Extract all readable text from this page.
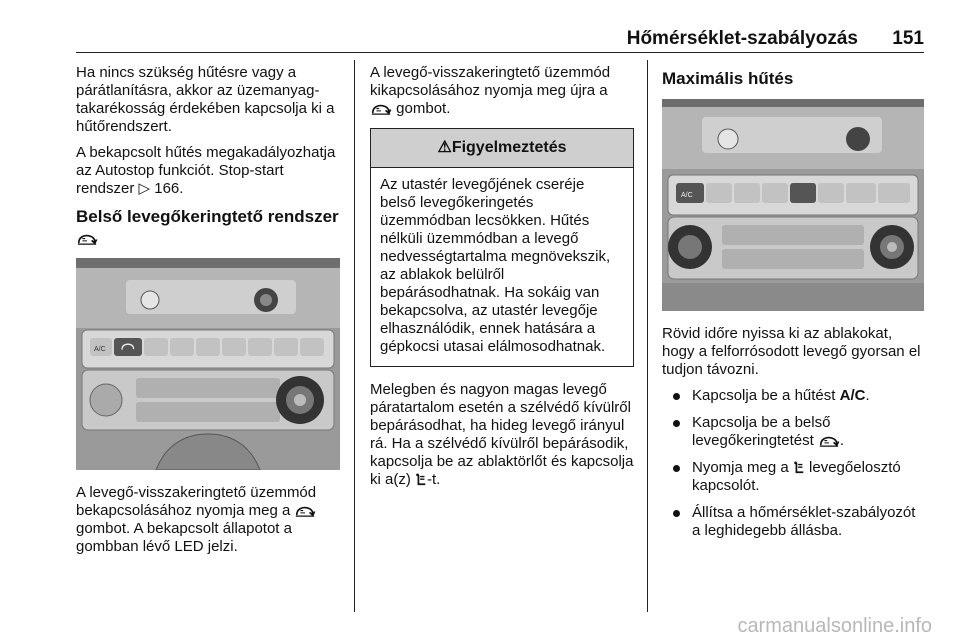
Hőmérséklet-szabályozás 151

Ha nincs szükség hűtésre vagy a párátlanításra, akkor az üzemanyag-takarékosság érdekében kapcsolja ki a hűtőrendszert.

A bekapcsolt hűtés megakadályozhatja az Autostop funkciót. Stop-start rendszer ▷ 166.

Belső levegőkeringtető rendszer
A/C

A levegő-visszakeringtető üzemmód bekapcsolásához nyomja meg a  gombot. A bekapcsolt állapotot a gombban lévő LED jelzi.

A levegő-visszakeringtető üzemmód kikapcsolásához nyomja meg újra a
gombot.

⚠Figyelmeztetés
Az utastér levegőjének cseréje belső levegőkeringetés üzemmódban lecsökken. Hűtés nélküli üzemmódban a levegő nedvességtartalma megnövekszik, az ablakok belülről bepárásodhatnak. Ha sokáig van bekapcsolva, az utastér levegője elhasználódik, ennek hatására a gépkocsi utasai elálmosodhatnak.

Melegben és nagyon magas levegő páratartalom esetén a szélvédő kívülről bepárásodhat, ha hideg levegő irányul rá. Ha a szélvédő kívülről bepárásodik, kapcsolja be az ablaktörlőt és kapcsolja ki a(z) -t.

Maximális hűtés
A/C

Rövid időre nyissa ki az ablakokat, hogy a felforrósodott levegő gyorsan el tudjon távozni.

Kapcsolja be a hűtést A/C.
Kapcsolja be a belső levegőkeringtetést .
Nyomja meg a  levegőelosztó kapcsolót.
Állítsa a hőmérséklet-szabályozót a leghidegebb állásba.
carmanualsonline.info
